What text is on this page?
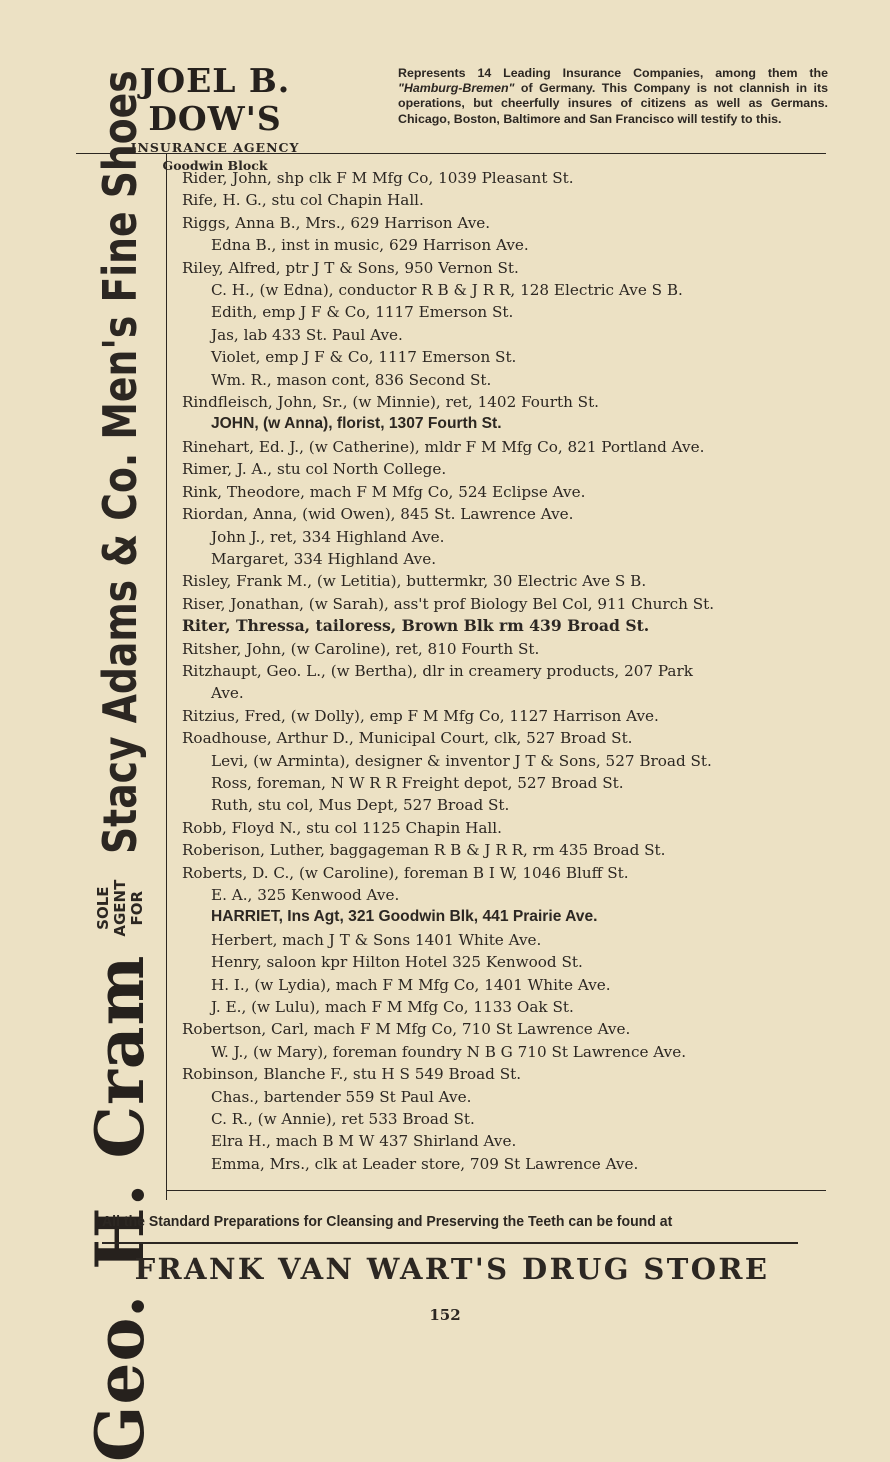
JOEL B. DOW'S
INSURANCE AGENCY
Goodwin Block
Represents 14 Leading Insurance Companies, among them the "Hamburg-Bremen" of Germany. This Company is not clannish in its operations, but cheerfully insures of citizens as well as Germans. Chicago, Boston, Baltimore and San Francisco will testify to this.
Geo. H. Cram
SOLE AGENT FOR
Stacy Adams & Co. Men's Fine Shoes Rider, John, shp clk F M Mfg Co, 1039 Pleasant St.
Rife, H. G., stu col Chapin Hall.
Riggs, Anna B., Mrs., 629 Harrison Ave.
Edna B., inst in music, 629 Harrison Ave.
Riley, Alfred, ptr J T & Sons, 950 Vernon St.
C. H., (w Edna), conductor R B & J R R, 128 Electric Ave S B.
Edith, emp J F & Co, 1117 Emerson St.
Jas, lab 433 St. Paul Ave.
Violet, emp J F & Co, 1117 Emerson St.
Wm. R., mason cont, 836 Second St.
Rindfleisch, John, Sr., (w Minnie), ret, 1402 Fourth St.
JOHN, (w Anna), florist, 1307 Fourth St.
Rinehart, Ed. J., (w Catherine), mldr F M Mfg Co, 821 Portland Ave.
Rimer, J. A., stu col North College.
Rink, Theodore, mach F M Mfg Co, 524 Eclipse Ave.
Riordan, Anna, (wid Owen), 845 St. Lawrence Ave.
John J., ret, 334 Highland Ave.
Margaret, 334 Highland Ave.
Risley, Frank M., (w Letitia), buttermkr, 30 Electric Ave S B.
Riser, Jonathan, (w Sarah), ass't prof Biology Bel Col, 911 Church St.
Riter, Thressa, tailoress, Brown Blk rm 439 Broad St.
Ritsher, John, (w Caroline), ret, 810 Fourth St.
Ritzhaupt, Geo. L., (w Bertha), dlr in creamery products, 207 Park
Ave.
Ritzius, Fred, (w Dolly), emp F M Mfg Co, 1127 Harrison Ave.
Roadhouse, Arthur D., Municipal Court, clk, 527 Broad St.
Levi, (w Arminta), designer & inventor J T & Sons, 527 Broad St.
Ross, foreman, N W R R Freight depot, 527 Broad St.
Ruth, stu col, Mus Dept, 527 Broad St.
Robb, Floyd N., stu col 1125 Chapin Hall.
Roberison, Luther, baggageman R B & J R R, rm 435 Broad St.
Roberts, D. C., (w Caroline), foreman B I W, 1046 Bluff St.
E. A., 325 Kenwood Ave.
HARRIET, Ins Agt, 321 Goodwin Blk, 441 Prairie Ave.
Herbert, mach J T & Sons 1401 White Ave.
Henry, saloon kpr Hilton Hotel 325 Kenwood St.
H. I., (w Lydia), mach F M Mfg Co, 1401 White Ave.
J. E., (w Lulu), mach F M Mfg Co, 1133 Oak St.
Robertson, Carl, mach F M Mfg Co, 710 St Lawrence Ave.
W. J., (w Mary), foreman foundry N B G 710 St Lawrence Ave.
Robinson, Blanche F., stu H S 549 Broad St.
Chas., bartender 559 St Paul Ave.
C. R., (w Annie), ret 533 Broad St.
Elra H., mach B M W 437 Shirland Ave.
Emma, Mrs., clk at Leader store, 709 St Lawrence Ave.
All the Standard Preparations for Cleansing and Preserving the Teeth can be found at
FRANK VAN WART'S DRUG STORE
152
